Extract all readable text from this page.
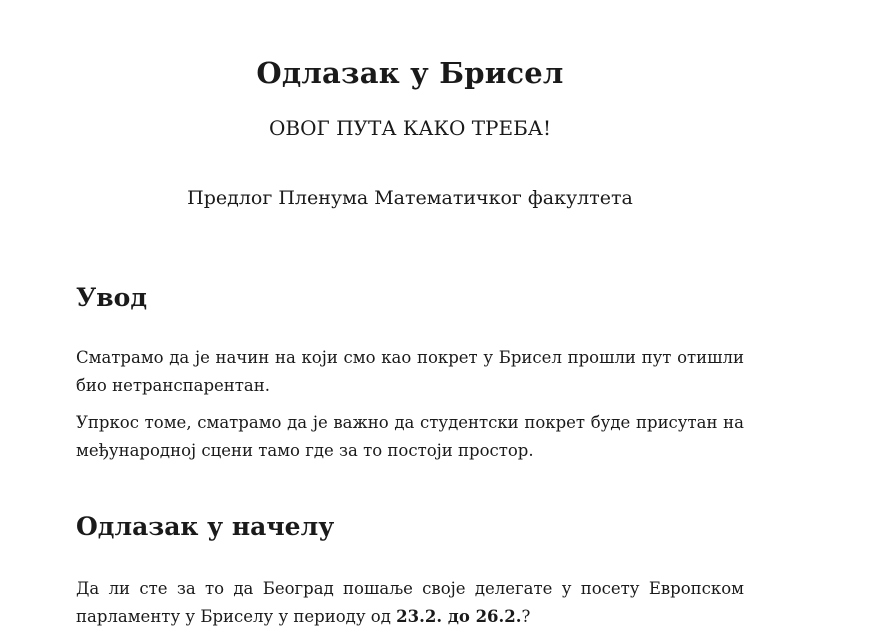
Одлазак у Брисел
ОВОГ ПУТА КАКО ТРЕБА!
Предлог Пленума Математичког факултета
Увод

Сматрамо да је начин на који смо као покрет у Брисел прошли пут отишли био нетранспарентан.

Упркос томе, сматрамо да је важно да студентски покрет буде присутан на међународној сцени тамо где за то постоји простор.

Одлазак у начелу

Да ли сте за то да Београд пошаље своје делегате у посету Европском парламенту у Бриселу у периоду од 23.2. до 26.2.?
